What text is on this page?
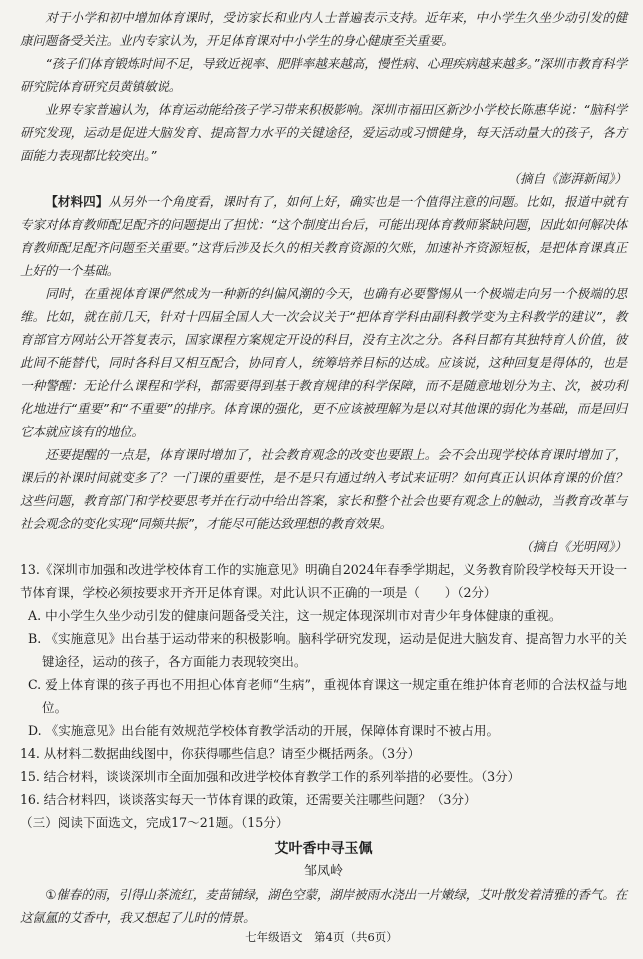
对于小学和初中增加体育课时，受访家长和业内人士普遍表示支持。近年来，中小学生久坐少动引发的健康问题备受关注。业内专家认为，开足体育课对中小学生的身心健康至关重要。

“孩子们体育锻炼时间不足，导致近视率、肥胖率越来越高，慢性病、心理疾病越来越多。”深圳市教育科学研究院体育研究员黄镇敏说。

业界专家普遍认为，体育运动能给孩子学习带来积极影响。深圳市福田区新沙小学校长陈惠华说：“脑科学研究发现，运动是促进大脑发育、提高智力水平的关键途径，爱运动或习惯健身，每天活动量大的孩子，各方面能力表现都比较突出。”

（摘自《澎湃新闻》）

【材料四】从另外一个角度看，课时有了，如何上好，确实也是一个值得注意的问题。比如，报道中就有专家对体育教师配足配齐的问题提出了担忧：“这个制度出台后，可能出现体育教师紧缺问题，因此如何解决体育教师配足配齐问题至关重要。”这背后涉及长久的相关教育资源的欠账，加速补齐资源短板，是把体育课真正上好的一个基础。

同时，在重视体育课俨然成为一种新的纠偏风潮的今天，也确有必要警惕从一个极端走向另一个极端的思维。比如，就在前几天，针对十四届全国人大一次会议关于“把体育学科由副科教学变为主科教学的建议”，教育部官方网站公开答复表示，国家课程方案规定开设的科目，没有主次之分。各科目都有其独特育人价值，彼此间不能替代，同时各科目又相互配合，协同育人，统筹培养目标的达成。应该说，这种回复是得体的，也是一种警醒：无论什么课程和学科，都需要得到基于教育规律的科学保障，而不是随意地划分为主、次，被功利化地进行“重要”和“不重要”的排序。体育课的强化，更不应该被理解为是以对其他课的弱化为基础，而是回归它本就应该有的地位。

还要提醒的一点是，体育课时增加了，社会教育观念的改变也要跟上。会不会出现学校体育课时增加了，课后的补课时间就变多了？一门课的重要性，是不是只有通过纳入考试来证明？如何真正认识体育课的价值？这些问题，教育部门和学校要思考并在行动中给出答案，家长和整个社会也要有观念上的触动，当教育改革与社会观念的变化实现“同频共振”，才能尽可能达致理想的教育效果。

（摘自《光明网》）

13.《深圳市加强和改进学校体育工作的实施意见》明确自2024年春季学期起，义务教育阶段学校每天开设一节体育课，学校必须按要求开齐开足体育课。对此认识不正确的一项是（　　）（2分）

A. 中小学生久坐少动引发的健康问题备受关注，这一规定体现深圳市对青少年身体健康的重视。

B. 《实施意见》出台基于运动带来的积极影响。脑科学研究发现，运动是促进大脑发育、提高智力水平的关键途径，运动的孩子，各方面能力表现较突出。

C. 爱上体育课的孩子再也不用担心体育老师“生病”，重视体育课这一规定重在维护体育老师的合法权益与地位。

D. 《实施意见》出台能有效规范学校体育教学活动的开展，保障体育课时不被占用。

14. 从材料二数据曲线图中，你获得哪些信息？请至少概括两条。（3分）

15. 结合材料，谈谈深圳市全面加强和改进学校体育教学工作的系列举措的必要性。（3分）

16. 结合材料四，谈谈落实每天一节体育课的政策，还需要关注哪些问题？（3分）

（三）阅读下面选文，完成17～21题。（15分）

艾叶香中寻玉佩

邹凤岭

①催春的雨，引得山茶流红，麦苗铺绿，湖色空蒙，湖岸被雨水浇出一片嫩绿，艾叶散发着清雅的香气。在这氤氲的艾香中，我又想起了儿时的情景。

七年级语文　第4页（共6页）
